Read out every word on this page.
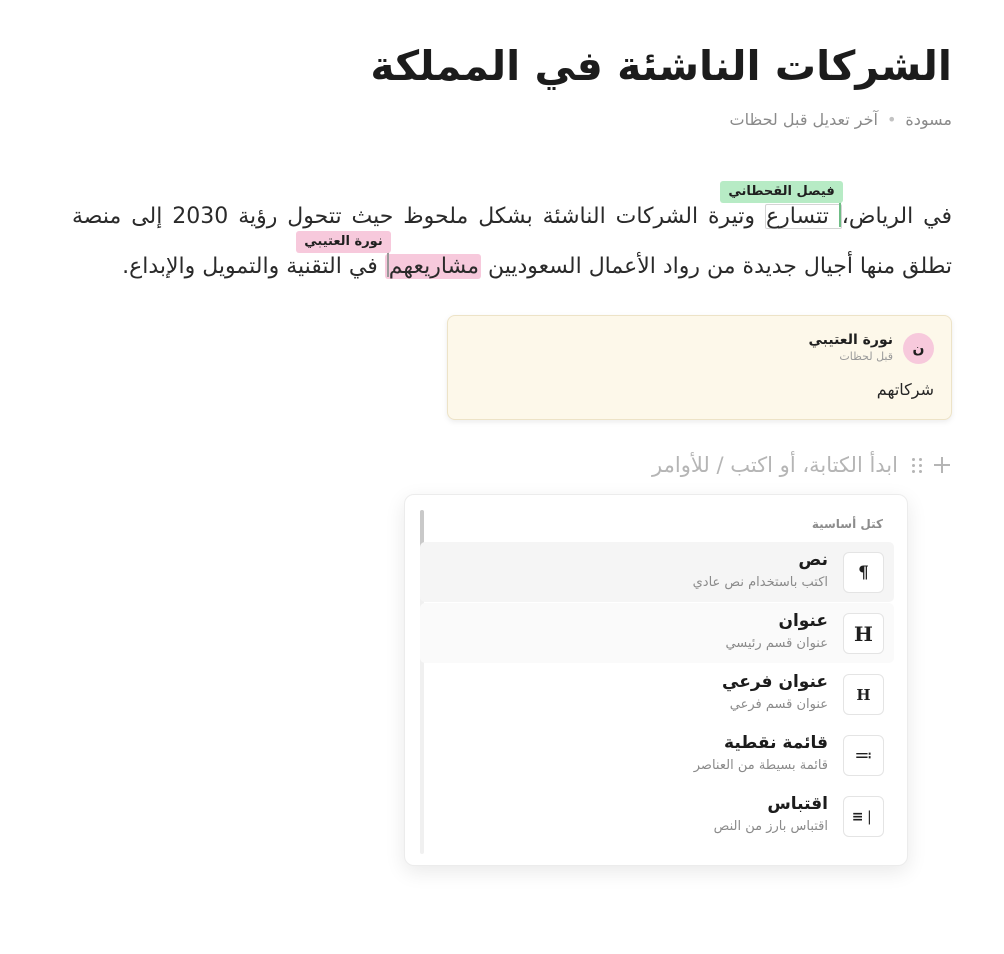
الشركات الناشئة في المملكة
مسودة•آخر تعديل قبل لحظات
في الرياض،
فيصل القحطاني
تتسارع وتيرة الشركات الناشئة بشكل ملحوظ حيث تتحول رؤية 2030 إلى منصة تطلق منها أجيال جديدة من رواد الأعمال السعوديين مشاريعهم
نورة العتيبي
في التقنية والتمويل والإبداع.
ن
نورة العتيبي
قبل لحظات
شركاتهم
ابدأ الكتابة، أو اكتب / للأوامر
كتل أساسية
¶
نص
اكتب باستخدام نص عادي
H
عنوان
عنوان قسم رئيسي
H
عنوان فرعي
عنوان قسم فرعي
≔
قائمة نقطية
قائمة بسيطة من العناصر
❘≡
اقتباس
اقتباس بارز من النص
